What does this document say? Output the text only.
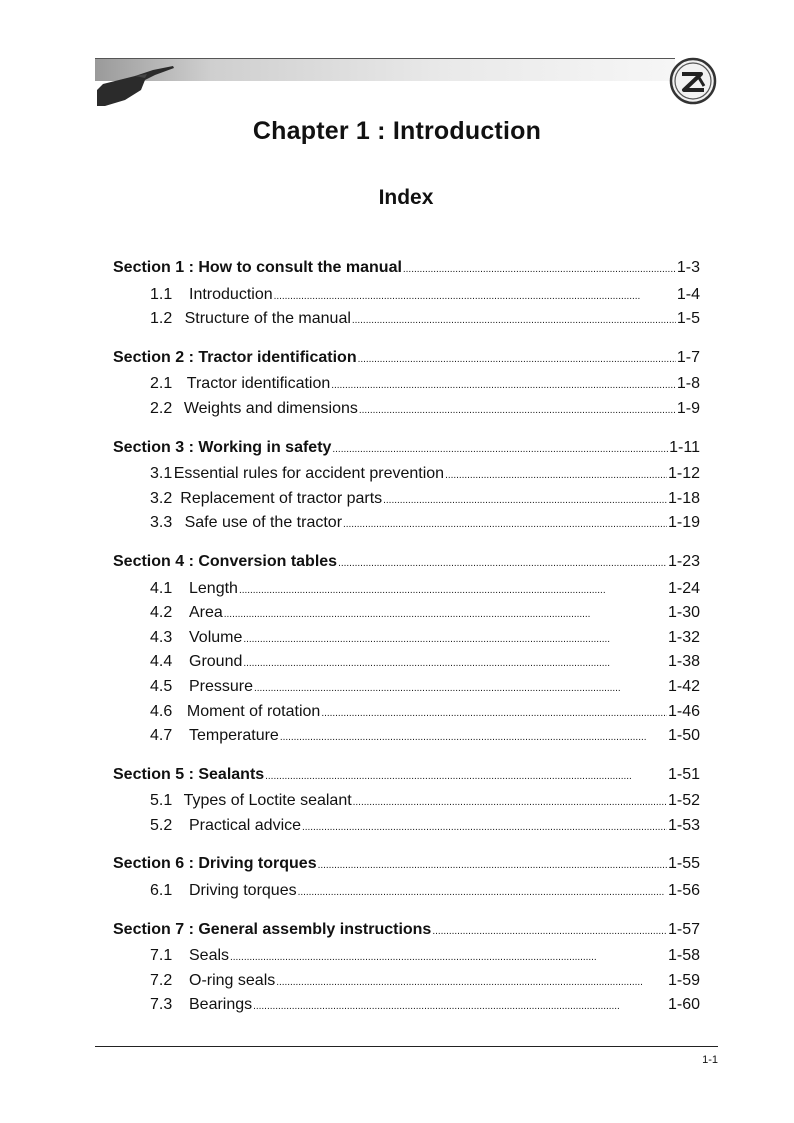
Chapter 1 : Introduction
Index
Section 1 : How to consult the manual . . .	1-3
1.1	Introduction . . .	1-4
1.2 Structure of the manual . . .	1-5
Section 2 : Tractor identification . . .	1-7
2.1 Tractor identification . . .	1-8
2.2 Weights and dimensions . . .	1-9
Section 3 : Working in safety . . .	1-11
3.1 Essential rules for accident prevention . . .	1-12
3.2 Replacement of tractor parts . . .	1-18
3.3 Safe use of the tractor . . .	1-19
Section 4 : Conversion tables . . .	1-23
4.1	Length . . .	1-24
4.2	Area . . .	1-30
4.3	Volume . . .	1-32
4.4	Ground . . .	1-38
4.5	Pressure . . .	1-42
4.6 Moment of rotation . . .	1-46
4.7	Temperature . . .	1-50
Section 5 : Sealants . . .	1-51
5.1 Types of Loctite sealant . . .	1-52
5.2	Practical advice . . .	1-53
Section 6 : Driving torques . . .	1-55
6.1	Driving torques . . .	1-56
Section 7 : General assembly instructions . . .	1-57
7.1	Seals . . .	1-58
7.2	O-ring seals . . .	1-59
7.3	Bearings . . .	1-60
1-1
